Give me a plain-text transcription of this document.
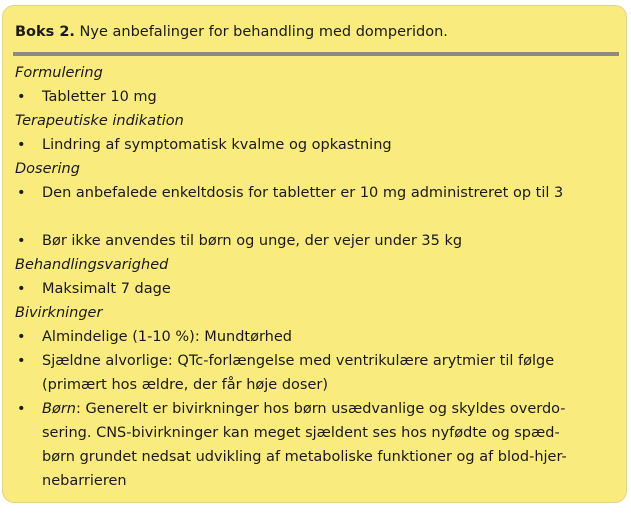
Boks 2. Nye anbefalinger for behandling med domperidon.
Formulering
• Tabletter 10 mg
Terapeutiske indikation
• Lindring af symptomatisk kvalme og opkastning
Dosering
• Den anbefalede enkeltdosis for tabletter er 10 mg administreret op til 3
• Bør ikke anvendes til børn og unge, der vejer under 35 kg
Behandlingsvarighed
• Maksimalt 7 dage
Bivirkninger
• Almindelige (1-10 %): Mundtørhed
• Sjældne alvorlige: QTc-forlængelse med ventrikulære arytmier til følge
(primært hos ældre, der får høje doser)
• Børn: Generelt er bivirkninger hos børn usædvanlige og skyldes overdo-
sering. CNS-bivirkninger kan meget sjældent ses hos nyfødte og spæd-
børn grundet nedsat udvikling af metaboliske funktioner og af blod-hjer-
nebarrieren
